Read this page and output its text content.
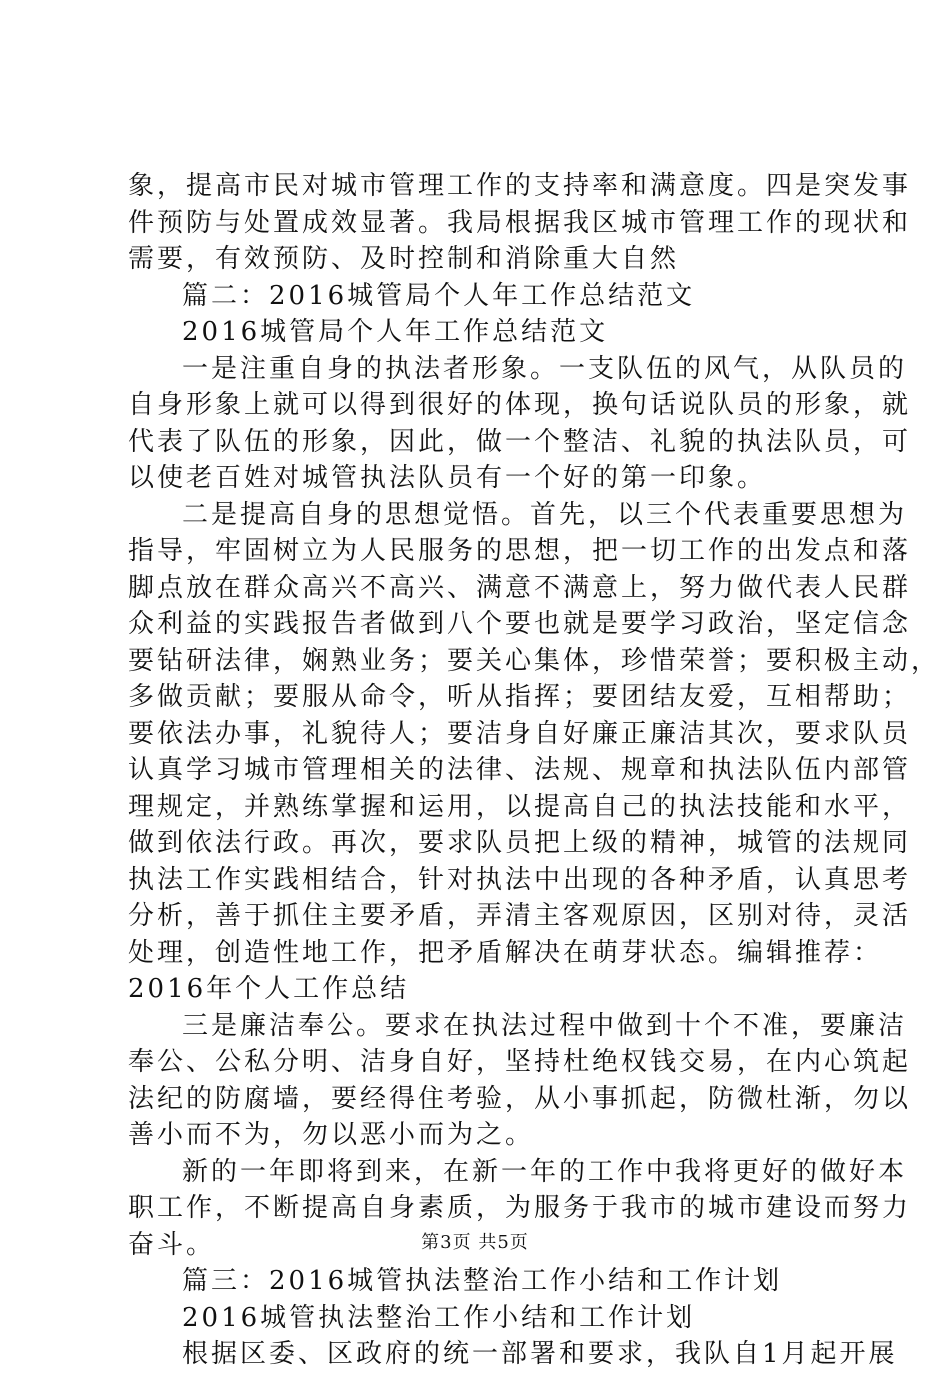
象，提高市民对城市管理工作的支持率和满意度。四是突发事
件预防与处置成效显著。我局根据我区城市管理工作的现状和
需要，有效预防、及时控制和消除重大自然
篇二：2016城管局个人年工作总结范文
2016城管局个人年工作总结范文
一是注重自身的执法者形象。一支队伍的风气，从队员的
自身形象上就可以得到很好的体现，换句话说队员的形象，就
代表了队伍的形象，因此，做一个整洁、礼貌的执法队员，可
以使老百姓对城管执法队员有一个好的第一印象。
二是提高自身的思想觉悟。首先，以三个代表重要思想为
指导，牢固树立为人民服务的思想，把一切工作的出发点和落
脚点放在群众高兴不高兴、满意不满意上，努力做代表人民群
众利益的实践报告者做到八个要也就是要学习政治，坚定信念
要钻研法律，娴熟业务；要关心集体，珍惜荣誉；要积极主动，
多做贡献；要服从命令，听从指挥；要团结友爱，互相帮助；
要依法办事，礼貌待人；要洁身自好廉正廉洁其次，要求队员
认真学习城市管理相关的法律、法规、规章和执法队伍内部管
理规定，并熟练掌握和运用，以提高自己的执法技能和水平，
做到依法行政。再次，要求队员把上级的精神，城管的法规同
执法工作实践相结合，针对执法中出现的各种矛盾，认真思考
分析，善于抓住主要矛盾，弄清主客观原因，区别对待，灵活
处理，创造性地工作，把矛盾解决在萌芽状态。编辑推荐：
2016年个人工作总结
三是廉洁奉公。要求在执法过程中做到十个不准，要廉洁
奉公、公私分明、洁身自好，坚持杜绝权钱交易，在内心筑起
法纪的防腐墙，要经得住考验，从小事抓起，防微杜渐，勿以
善小而不为，勿以恶小而为之。
新的一年即将到来，在新一年的工作中我将更好的做好本
职工作，不断提高自身素质，为服务于我市的城市建设而努力
奋斗。
篇三：2016城管执法整治工作小结和工作计划
2016城管执法整治工作小结和工作计划
根据区委、区政府的统一部署和要求，我队自1月起开展
第3页 共5页
